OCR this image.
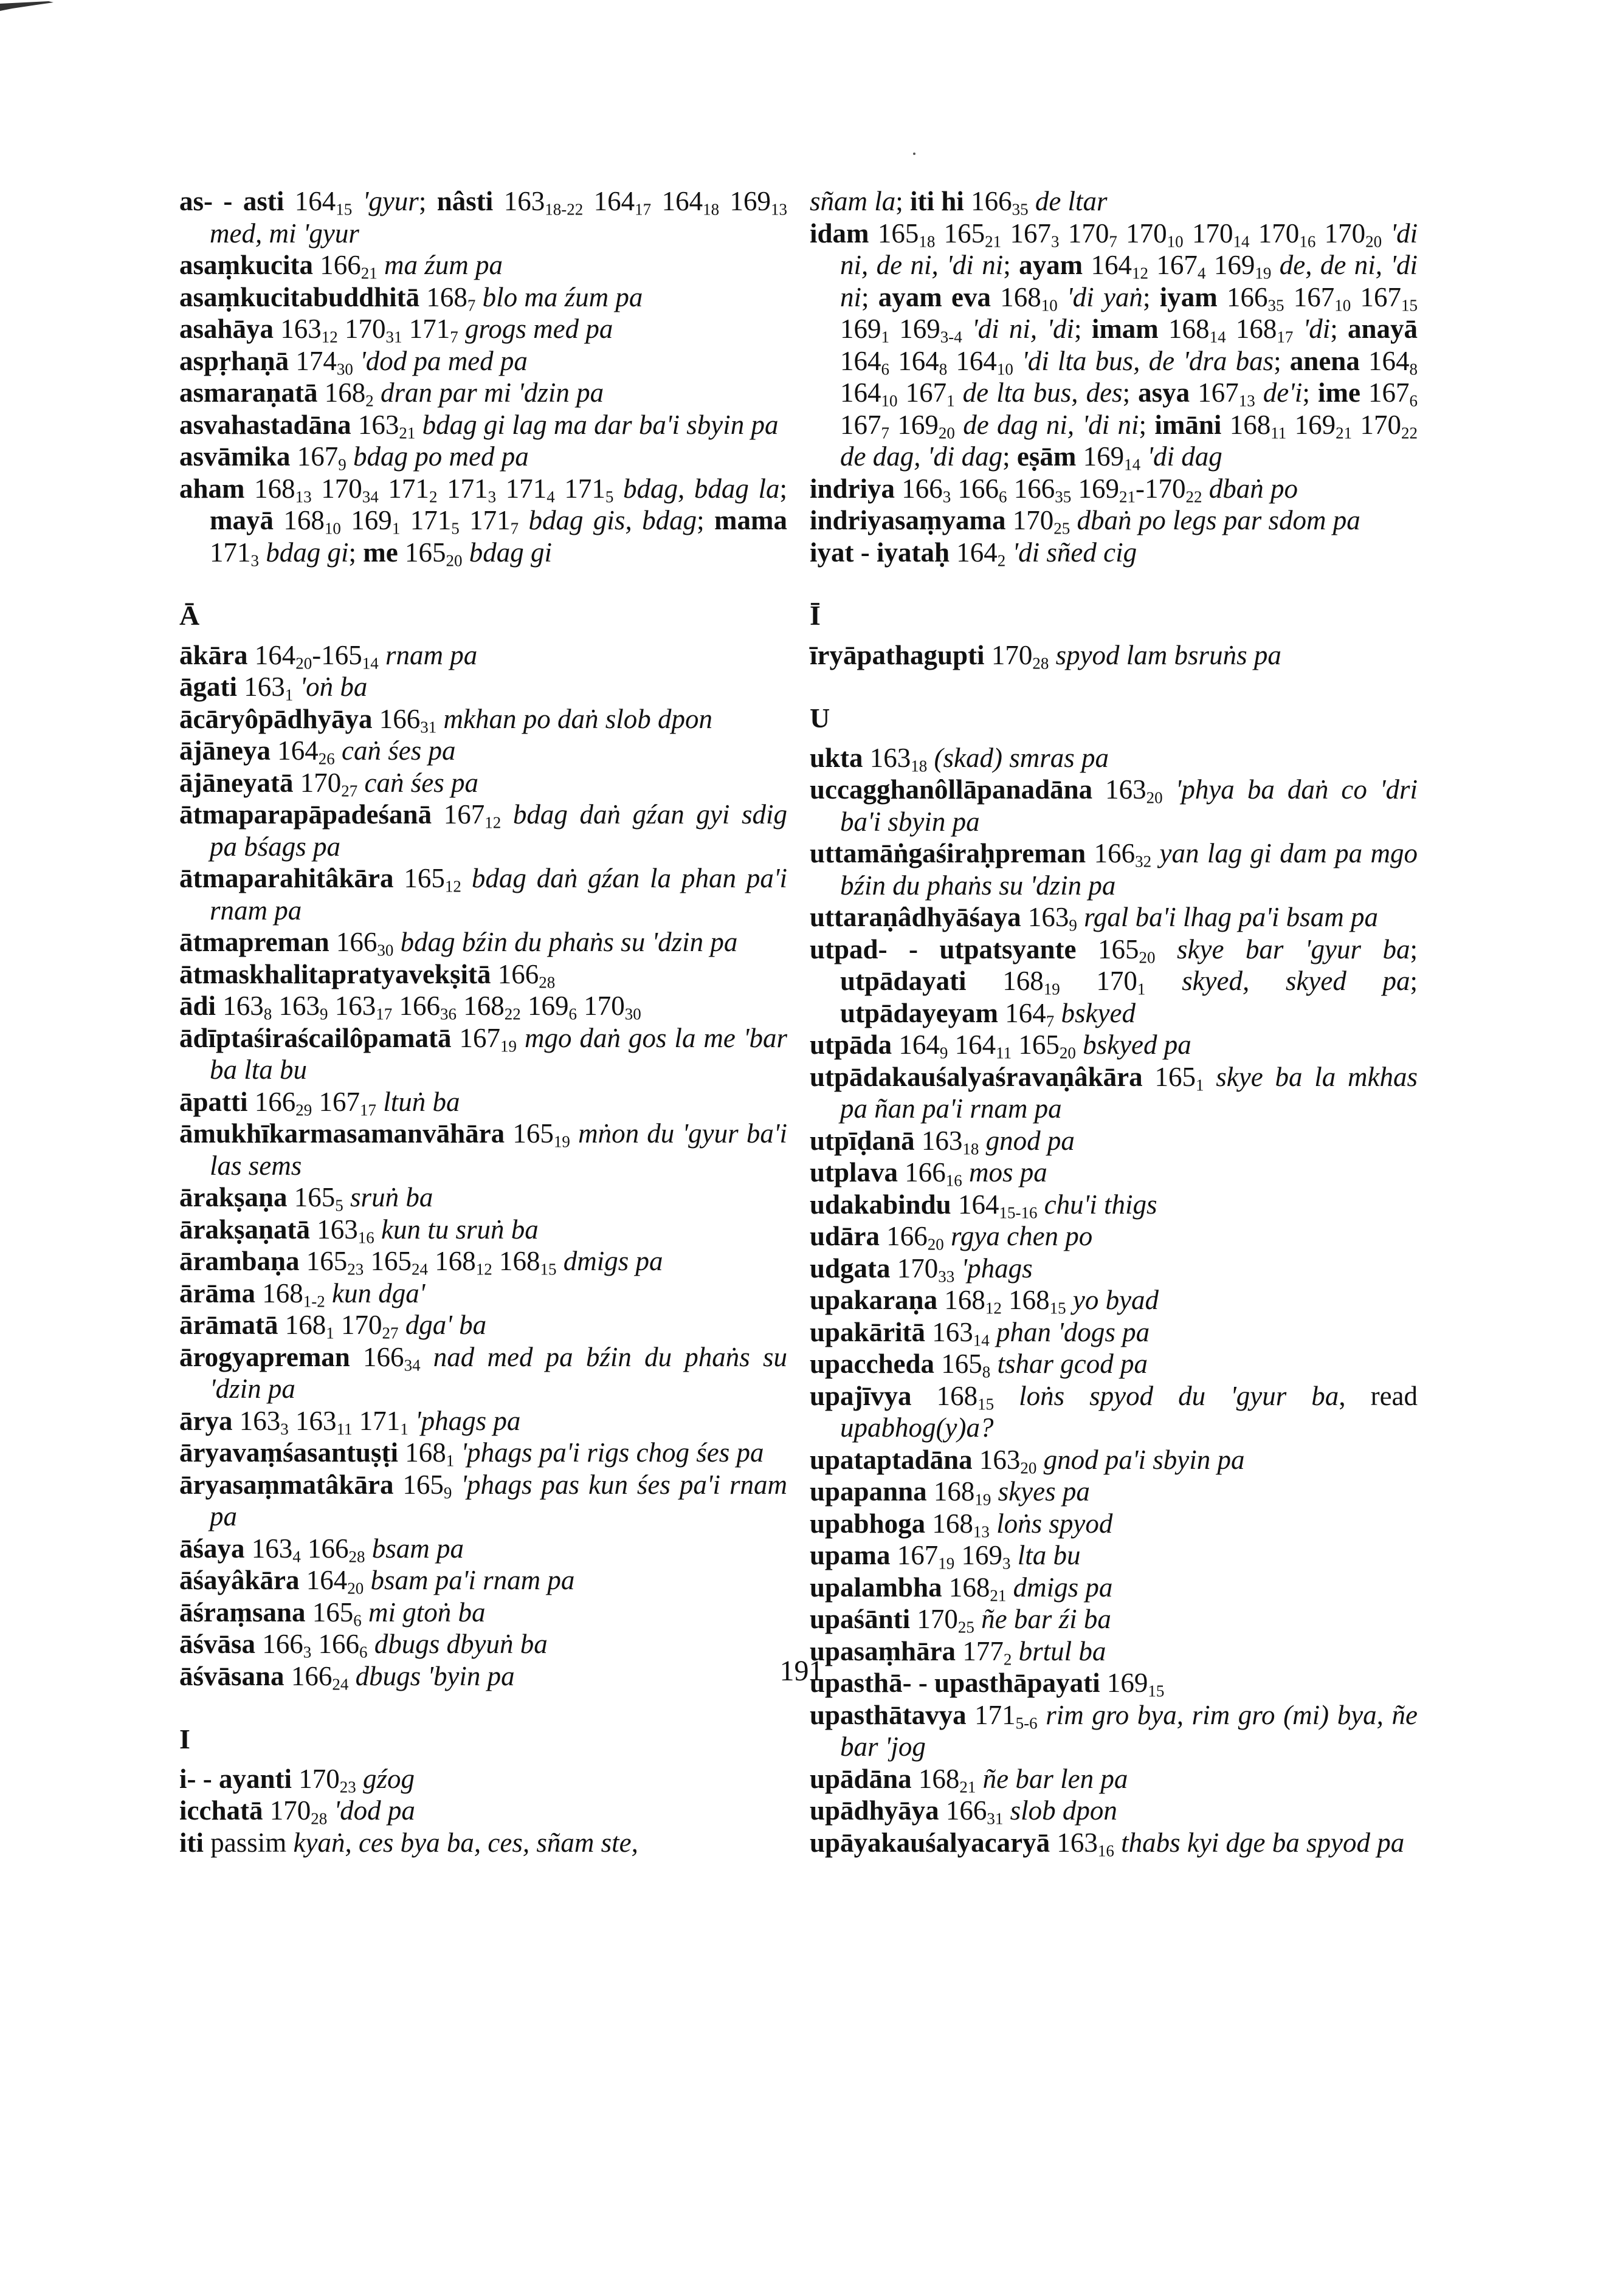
as- - asti $164_{15}$ 'gyur; nâsti $163_{18-22}$ $164_{17}$ $164_{18}$ $169_{13}$ med, mi 'gyur
asaṃkucita $166_{21}$ ma źum pa
asaṃkucitabuddhitā $168_7$ blo ma źum pa
asahāya $163_{12}$ $170_{31}$ $171_7$ grogs med pa
aspṛhaṇā $174_{30}$ 'dod pa med pa
asmaraṇatā $168_2$ dran par mi 'dzin pa
asvahastadāna $163_{21}$ bdag gi lag ma dar ba'i sbyin pa
asvāmika $167_9$ bdag po med pa
aham $168_{13}$ $170_{34}$ $171_2$ $171_3$ $171_4$ $171_5$ bdag, bdag la; mayā $168_{10}$ $169_1$ $171_5$ $171_7$ bdag gis, bdag; mama $171_3$ bdag gi; me $165_{20}$ bdag gi
Ā
ākāra $164_{20}-165_{14}$ rnam pa
āgati $163_1$ 'oṅ ba
ācāryôpādhyāya $166_{31}$ mkhan po daṅ slob dpon
ājāneya $164_{26}$ caṅ śes pa
ājāneyatā $170_{27}$ caṅ śes pa
ātmaparapāpadeśanā $167_{12}$ bdag daṅ gźan gyi sdig pa bśags pa
ātmaparahitâkāra $165_{12}$ bdag daṅ gźan la phan pa'i rnam pa
ātmapreman $166_{30}$ bdag bźin du phaṅs su 'dzin pa
ātmaskhalitapratyavekṣitā $166_{28}$
ādi $163_8$ $163_9$ $163_{17}$ $166_{36}$ $168_{22}$ $169_6$ $170_{30}$
ādīptaśiraścailôpamatā $167_{19}$ mgo daṅ gos la me 'bar ba lta bu
āpatti $166_{29}$ $167_{17}$ ltuṅ ba
āmukhīkarmasamanvāhāra $165_{19}$ mṅon du 'gyur ba'i las sems
ārakṣaṇa $165_5$ sruṅ ba
ārakṣaṇatā $163_{16}$ kun tu sruṅ ba
ārambaṇa $165_{23}$ $165_{24}$ $168_{12}$ $168_{15}$ dmigs pa
ārāma $168_{1-2}$ kun dga'
ārāmatā $168_1$ $170_{27}$ dga' ba
ārogyapreman $166_{34}$ nad med pa bźin du phaṅs su 'dzin pa
ārya $163_3$ $163_{11}$ $171_1$ 'phags pa
āryavaṃśasantuṣṭi $168_1$ 'phags pa'i rigs chog śes pa
āryasaṃmatâkāra $165_9$ 'phags pas kun śes pa'i rnam pa
āśaya $163_4$ $166_{28}$ bsam pa
āśayâkāra $164_{20}$ bsam pa'i rnam pa
āśraṃsana $165_6$ mi gtoṅ ba
āśvāsa $166_3$ $166_6$ dbugs dbyuṅ ba
āśvāsana $166_{24}$ dbugs 'byin pa
I
i- - ayanti $170_{23}$ gźog
icchatā $170_{28}$ 'dod pa
iti passim kyaṅ, ces bya ba, ces, sñam ste,
sñam la; iti hi $166_{35}$ de ltar
idam $165_{18}$ $165_{21}$ $167_3$ $170_7$ $170_{10}$ $170_{14}$ $170_{16}$ $170_{20}$ 'di ni, de ni, 'di ni; ayam $164_{12}$ $167_4$ $169_{19}$ de, de ni, 'di ni; ayam eva $168_{10}$ 'di yaṅ; iyam $166_{35}$ $167_{10}$ $167_{15}$ $169_1$ $169_{3-4}$ 'di ni, 'di; imam $168_{14}$ $168_{17}$ 'di; anayā $164_6$ $164_8$ $164_{10}$ 'di lta bus, de 'dra bas; anena $164_8$ $164_{10}$ $167_1$ de lta bus, des; asya $167_{13}$ de'i; ime $167_6$ $167_7$ $169_{20}$ de dag ni, 'di ni; imāni $168_{11}$ $169_{21}$ $170_{22}$ de dag, 'di dag; eṣām $169_{14}$ 'di dag
indriya $166_3$ $166_6$ $166_{35}$ $169_{21}-170_{22}$ dbaṅ po
indriyasaṃyama $170_{25}$ dbaṅ po legs par sdom pa
iyat - iyataḥ $164_2$ 'di sñed cig
Ī
īryāpathagupti $170_{28}$ spyod lam bsruṅs pa
U
ukta $163_{18}$ (skad) smras pa
uccagghanôllāpanadāna $163_{20}$ 'phya ba daṅ co 'dri ba'i sbyin pa
uttamāṅgaśiraḥpreman $166_{32}$ yan lag gi dam pa mgo bźin du phaṅs su 'dzin pa
uttaraṇâdhyāśaya $163_9$ rgal ba'i lhag pa'i bsam pa
utpad- - utpatsyante $165_{20}$ skye bar 'gyur ba; utpādayati $168_{19}$ $170_1$ skyed, skyed pa; utpādayeyam $164_7$ bskyed
utpāda $164_9$ $164_{11}$ $165_{20}$ bskyed pa
utpādakauśalyaśravaṇâkāra $165_1$ skye ba la mkhas pa ñan pa'i rnam pa
utpīḍanā $163_{18}$ gnod pa
utplava $166_{16}$ mos pa
udakabindu $164_{15-16}$ chu'i thigs
udāra $166_{20}$ rgya chen po
udgata $170_{33}$ 'phags
upakaraṇa $168_{12}$ $168_{15}$ yo byad
upakāritā $163_{14}$ phan 'dogs pa
upaccheda $165_8$ tshar gcod pa
upajīvya $168_{15}$ loṅs spyod du 'gyur ba, read upabhog(y)a?
upataptadāna $163_{20}$ gnod pa'i sbyin pa
upapanna $168_{19}$ skyes pa
upabhoga $168_{13}$ loṅs spyod
upama $167_{19}$ $169_3$ lta bu
upalambha $168_{21}$ dmigs pa
upaśānti $170_{25}$ ñe bar źi ba
upasaṃhāra $177_2$ brtul ba
upasthā- - upasthāpayati $169_{15}$
upasthātavya $171_{5-6}$ rim gro bya, rim gro (mi) bya, ñe bar 'jog
upādāna $168_{21}$ ñe bar len pa
upādhyāya $166_{31}$ slob dpon
upāyakauśalyacaryā $163_{16}$ thabs kyi dge ba spyod pa
191
